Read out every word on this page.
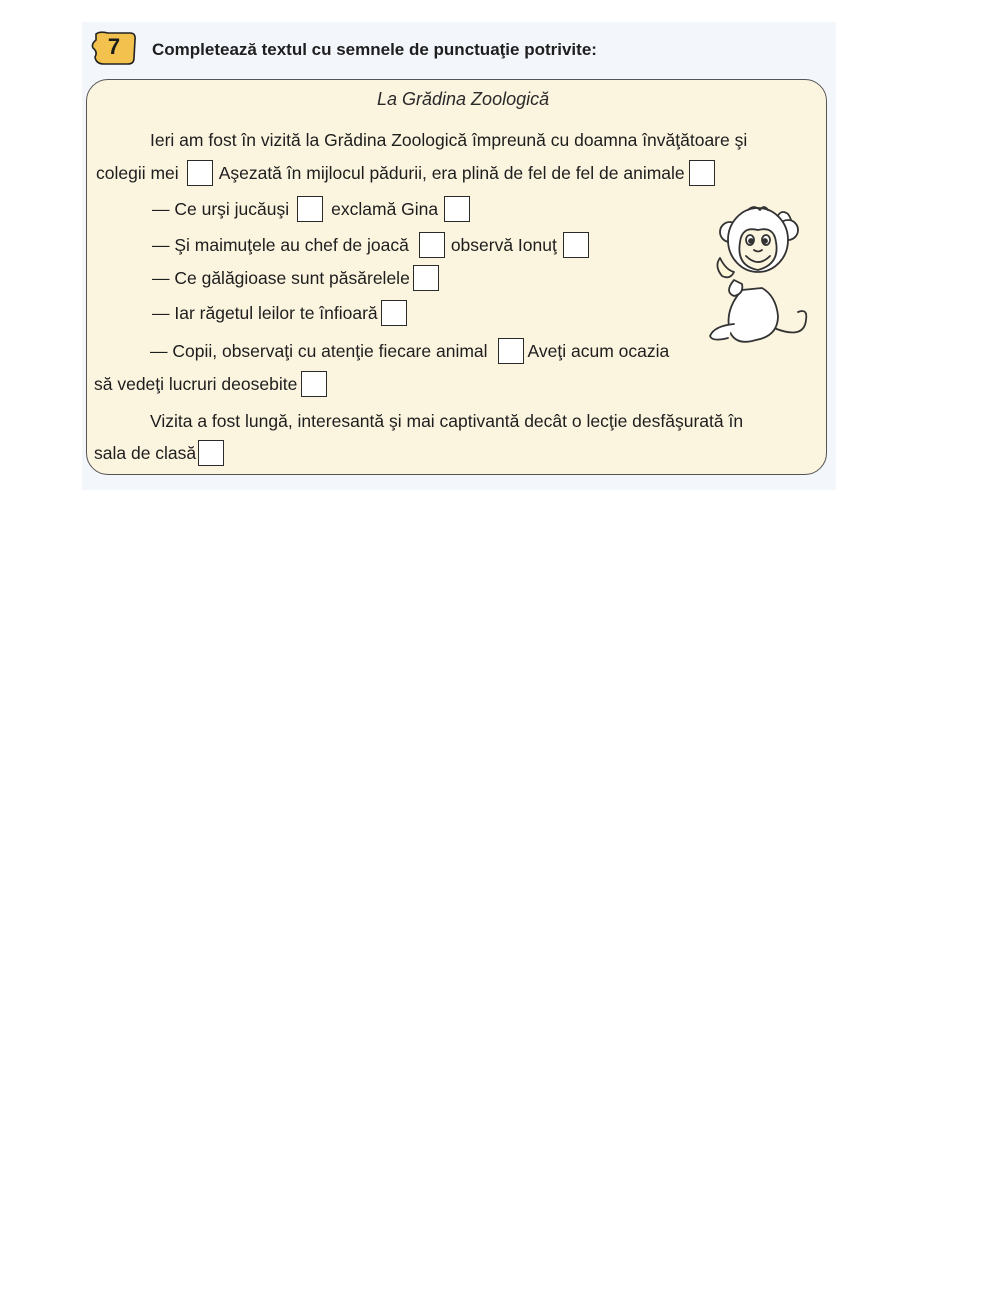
7	Completează textul cu semnele de punctuaţie potrivite:
La Grădina Zoologică
Ieri am fost în vizită la Grădina Zoologică împreună cu doamna învăţătoare şi
colegii mei Aşezată în mijlocul pădurii, era plină de fel de fel de animale
— Ce urşi jucăuşi exclamă Gina
— Şi maimuţele au chef de joacă observă Ionuţ
— Ce gălăgioase sunt păsărelele
— Iar răgetul leilor te înfioară
— Copii, observaţi cu atenţie fiecare animal Aveţi acum ocazia
să vedeţi lucruri deosebite
Vizita a fost lungă, interesantă şi mai captivantă decât o lecţie desfăşurată în
sala de clasă
